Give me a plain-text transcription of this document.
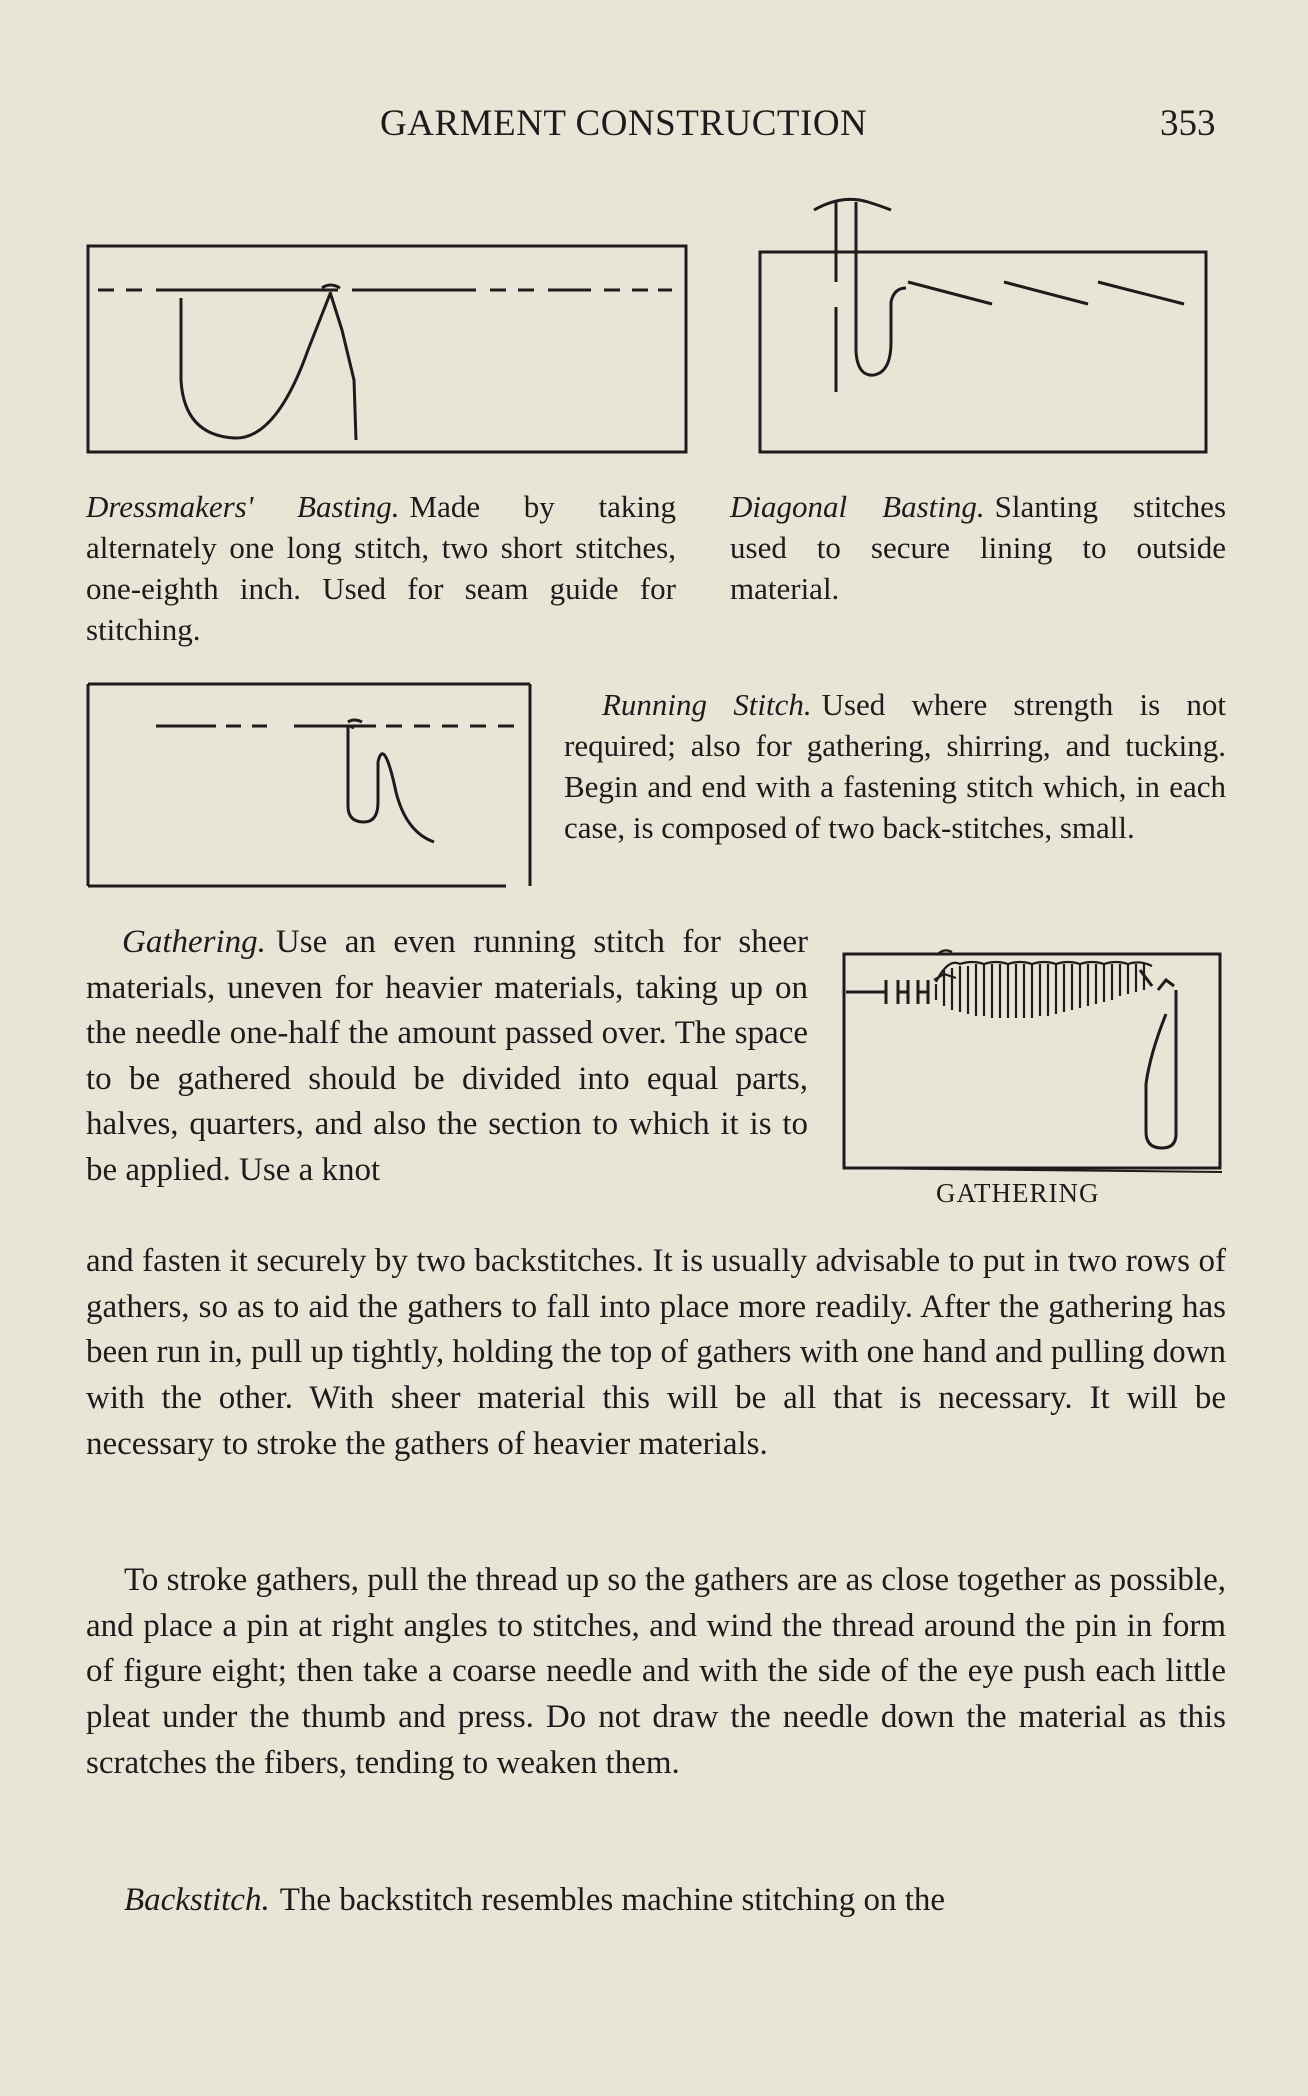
GARMENT CONSTRUCTION	353
Dressmakers' Basting. Made by taking alternately one long stitch, two short stitches, one-eighth inch. Used for seam guide for stitching.
Diagonal Basting. Slanting stitches used to secure lining to outside material.
Running Stitch. Used where strength is not required; also for gathering, shirring, and tucking. Begin and end with a fastening stitch which, in each case, is composed of two back-stitches, small.
GATHERING
Gathering. Use an even running stitch for sheer materials, uneven for heavier materials, taking up on the needle one-half the amount passed over. The space to be gathered should be divided into equal parts, halves, quarters, and also the section to which it is to be applied. Use a knot
and fasten it securely by two backstitches. It is usually advisable to put in two rows of gathers, so as to aid the gathers to fall into place more readily. After the gathering has been run in, pull up tightly, holding the top of gathers with one hand and pulling down with the other. With sheer material this will be all that is necessary. It will be necessary to stroke the gathers of heavier materials.
To stroke gathers, pull the thread up so the gathers are as close together as possible, and place a pin at right angles to stitches, and wind the thread around the pin in form of figure eight; then take a coarse needle and with the side of the eye push each little pleat under the thumb and press. Do not draw the needle down the material as this scratches the fibers, tending to weaken them.
Backstitch. The backstitch resembles machine stitching on the
